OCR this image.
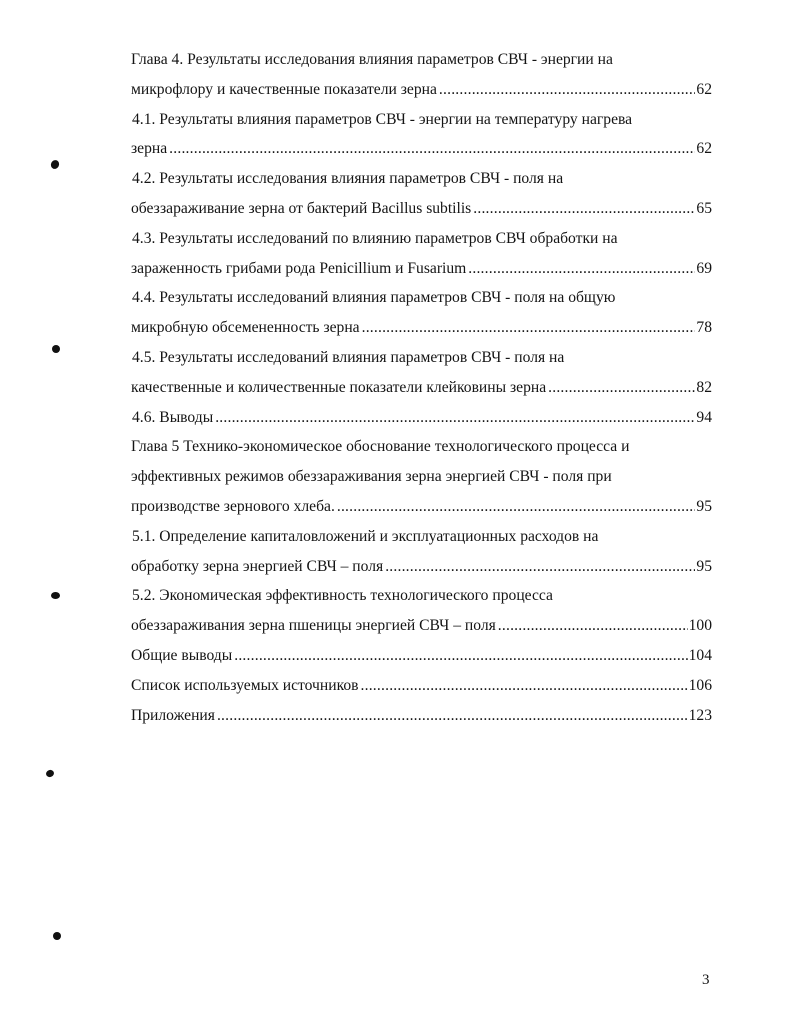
Глава 4. Результаты исследования влияния параметров СВЧ - энергии на
микрофлору и качественные показатели зерна .....	62
4.1. Результаты влияния параметров СВЧ - энергии на температуру нагрева
зерна .....	62
4.2. Результаты исследования влияния параметров СВЧ - поля на
обеззараживание зерна от бактерий Bacillus subtilis .....	65
4.3. Результаты исследований по влиянию параметров СВЧ обработки на
зараженность грибами рода Penicillium и Fusarium .....	69
4.4. Результаты исследований влияния параметров СВЧ - поля на общую
микробную обсемененность зерна .....	78
4.5. Результаты исследований влияния параметров СВЧ - поля на
качественные и количественные показатели клейковины зерна .....	82
4.6. Выводы .....	94
Глава 5 Технико-экономическое обоснование технологического процесса и
эффективных режимов обеззараживания зерна энергией СВЧ - поля при
производстве зернового хлеба. .....	95
5.1. Определение капиталовложений и эксплуатационных расходов на
обработку зерна энергией СВЧ – поля .....	95
5.2. Экономическая эффективность технологического процесса
обеззараживания зерна пшеницы энергией СВЧ – поля .....	100
Общие выводы .....	104
Список используемых источников .....	106
Приложения .....	123
3
